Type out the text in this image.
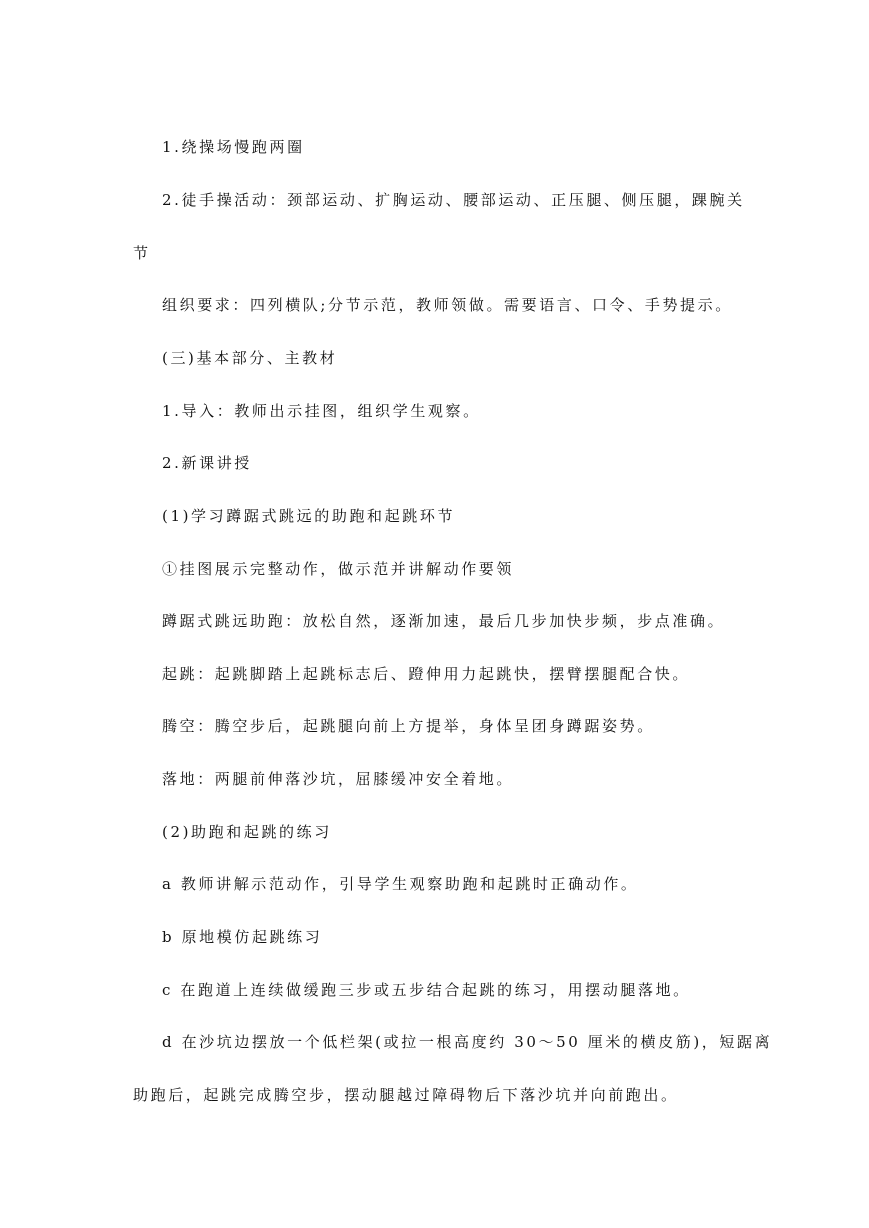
1.绕操场慢跑两圈
2.徒手操活动：颈部运动、扩胸运动、腰部运动、正压腿、侧压腿，踝腕关
节
组织要求：四列横队;分节示范，教师领做。需要语言、口令、手势提示。
(三)基本部分、主教材
1.导入：教师出示挂图，组织学生观察。
2.新课讲授
(1)学习蹲踞式跳远的助跑和起跳环节
①挂图展示完整动作，做示范并讲解动作要领
蹲踞式跳远助跑：放松自然，逐渐加速，最后几步加快步频，步点准确。
起跳：起跳脚踏上起跳标志后、蹬伸用力起跳快，摆臂摆腿配合快。
腾空：腾空步后，起跳腿向前上方提举，身体呈团身蹲踞姿势。
落地：两腿前伸落沙坑，屈膝缓冲安全着地。
(2)助跑和起跳的练习
a 教师讲解示范动作，引导学生观察助跑和起跳时正确动作。
b 原地模仿起跳练习
c 在跑道上连续做缓跑三步或五步结合起跳的练习，用摆动腿落地。
d 在沙坑边摆放一个低栏架(或拉一根高度约 30～50 厘米的横皮筋)，短踞离
助跑后，起跳完成腾空步，摆动腿越过障碍物后下落沙坑并向前跑出。
